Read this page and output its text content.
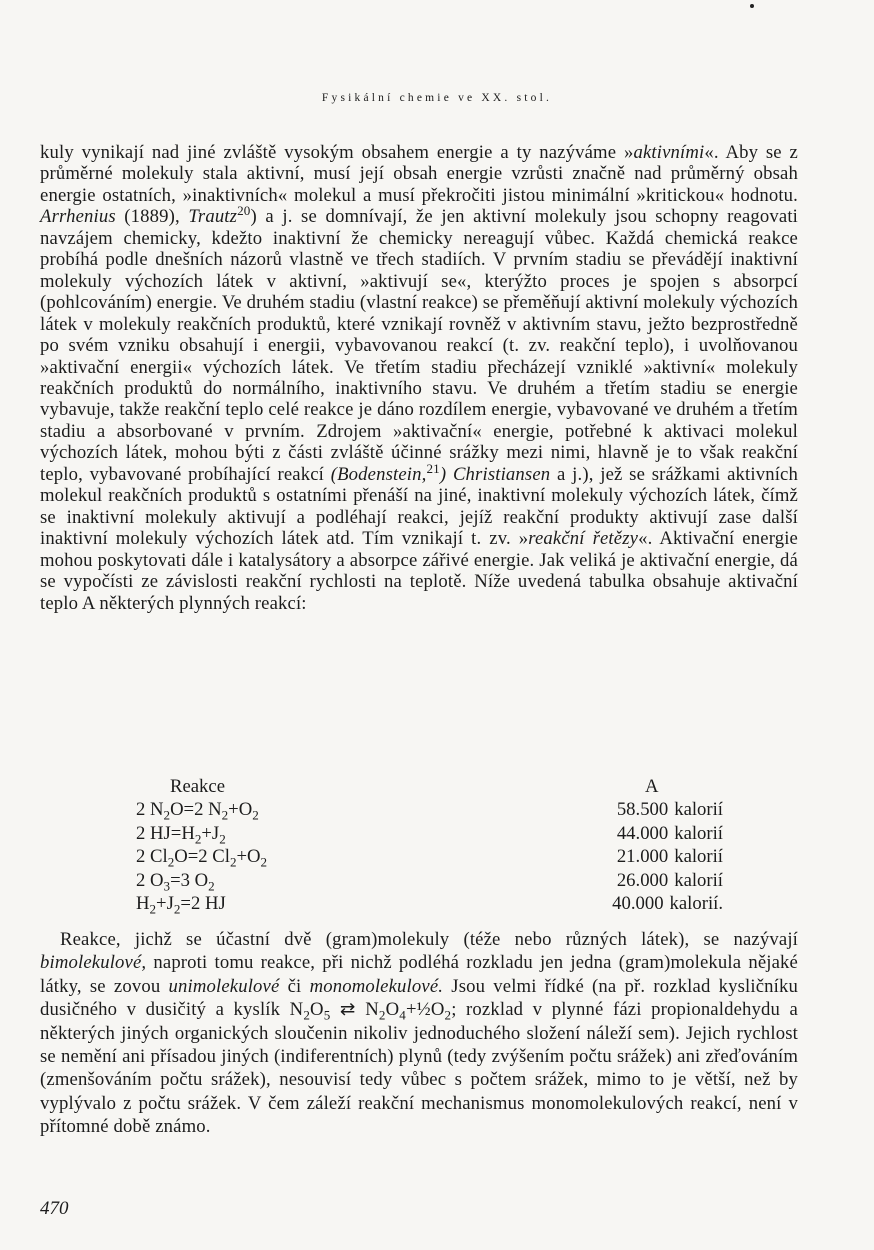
Fysikální chemie ve XX. stol.

kuly vynikají nad jiné zvláště vysokým obsahem energie a ty nazýváme »aktivními«. Aby se z průměrné molekuly stala aktivní, musí její obsah energie vzrůsti značně nad průměrný obsah energie ostatních, »inaktivních« molekul a musí překročiti jistou minimální »kritickou« hodnotu. Arrhenius (1889), Trautz$^{20}$) a j. se domnívají, že jen aktivní molekuly jsou schopny reagovati navzájem chemicky, kdežto inaktivní že chemicky nereagují vůbec. Každá chemická reakce probíhá podle dnešních názorů vlastně ve třech stadiích. V prvním stadiu se převádějí inaktivní molekuly výchozích látek v aktivní, »aktivují se«, kterýžto proces je spojen s absorpcí (pohlcováním) energie. Ve druhém stadiu (vlastní reakce) se přeměňují aktivní molekuly výchozích látek v molekuly reakčních produktů, které vznikají rovněž v aktivním stavu, ježto bezprostředně po svém vzniku obsahují i energii, vybavovanou reakcí (t. zv. reakční teplo), i uvolňovanou »aktivační energii« výchozích látek. Ve třetím stadiu přecházejí vzniklé »aktivní« molekuly reakčních produktů do normálního, inaktivního stavu. Ve druhém a třetím stadiu se energie vybavuje, takže reakční teplo celé reakce je dáno rozdílem energie, vybavované ve druhém a třetím stadiu a absorbované v prvním. Zdrojem »aktivační« energie, potřebné k aktivaci molekul výchozích látek, mohou býti z části zvláště účinné srážky mezi nimi, hlavně je to však reakční teplo, vybavované probíhající reakcí (Bodenstein,$^{21}$) Christiansen a j.), jež se srážkami aktivních molekul reakčních produktů s ostatními přenáší na jiné, inaktivní molekuly výchozích látek, čímž se inaktivní molekuly aktivují a podléhají reakci, jejíž reakční produkty aktivují zase další inaktivní molekuly výchozích látek atd. Tím vznikají t. zv. »reakční řetězy«. Aktivační energie mohou poskytovati dále i katalysátory a absorpce zářivé energie. Jak veliká je aktivační energie, dá se vypočísti ze závislosti reakční rychlosti na teplotě. Níže uvedená tabulka obsahuje aktivační teplo A některých plynných reakcí:

Reakce	A
2 $N_2O=2$ $N_2+O_2$	58.500 kalorií
2 $HJ=H_2+J_2$	44.000 kalorií
2 $Cl_2O=2$ $Cl_2+O_2$	21.000 kalorií
2 $O_3=3$ $O_2$	26.000 kalorií
$H_2+J_2=2$ HJ	40.000 kalorií.

Reakce, jichž se účastní dvě (gram)molekuly (téže nebo různých látek), se nazývají bimolekulové, naproti tomu reakce, při nichž podléhá rozkladu jen jedna (gram)molekula nějaké látky, se zovou unimolekulové či monomolekulové. Jsou velmi řídké (na př. rozklad kysličníku dusičného v dusičitý a kyslík $N_2O_5$ ⇄ $N_2O_4+\frac{1}{2}O_2$; rozklad v plynné fázi propionaldehydu a některých jiných organických sloučenin nikoliv jednoduchého složení náleží sem). Jejich rychlost se nemění ani přísadou jiných (indiferentních) plynů (tedy zvýšením počtu srážek) ani zřeďováním (zmenšováním počtu srážek), nesouvisí tedy vůbec s počtem srážek, mimo to je větší, než by vyplývalo z počtu srážek. V čem záleží reakční mechanismus monomolekulových reakcí, není v přítomné době známo.

470
